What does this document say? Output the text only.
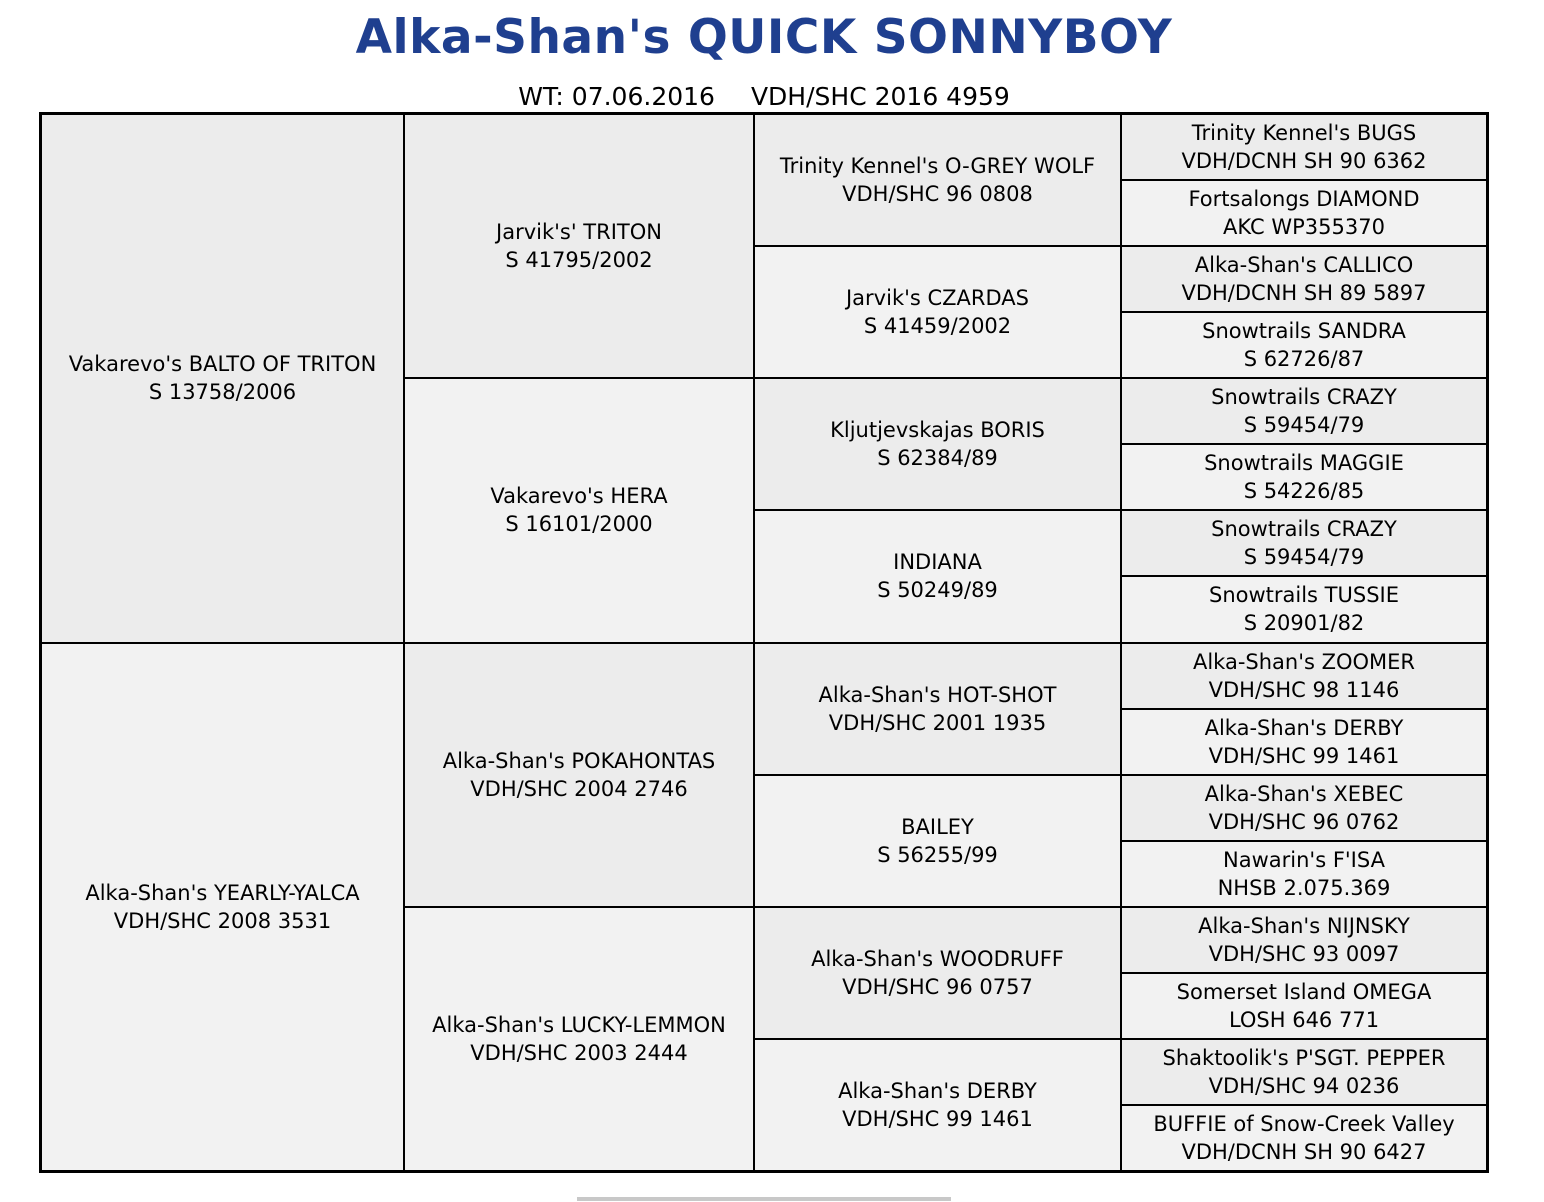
Alka-Shan's QUICK SONNYBOY
WT: 07.06.2016 VDH/SHC 2016 4959
Vakarevo's BALTO OF TRITON
S 13758/2006
Alka-Shan's YEARLY-YALCA
VDH/SHC 2008 3531
Jarvik's' TRITON
S 41795/2002
Vakarevo's HERA
S 16101/2000
Alka-Shan's POKAHONTAS
VDH/SHC 2004 2746
Alka-Shan's LUCKY-LEMMON
VDH/SHC 2003 2444
Trinity Kennel's O-GREY WOLF
VDH/SHC 96 0808
Jarvik's CZARDAS
S 41459/2002
Kljutjevskajas BORIS
S 62384/89
INDIANA
S 50249/89
Alka-Shan's HOT-SHOT
VDH/SHC 2001 1935
BAILEY
S 56255/99
Alka-Shan's WOODRUFF
VDH/SHC 96 0757
Alka-Shan's DERBY
VDH/SHC 99 1461
Trinity Kennel's BUGS
VDH/DCNH SH 90 6362
Fortsalongs DIAMOND
AKC WP355370
Alka-Shan's CALLICO
VDH/DCNH SH 89 5897
Snowtrails SANDRA
S 62726/87
Snowtrails CRAZY
S 59454/79
Snowtrails MAGGIE
S 54226/85
Snowtrails CRAZY
S 59454/79
Snowtrails TUSSIE
S 20901/82
Alka-Shan's ZOOMER
VDH/SHC 98 1146
Alka-Shan's DERBY
VDH/SHC 99 1461
Alka-Shan's XEBEC
VDH/SHC 96 0762
Nawarin's F'ISA
NHSB 2.075.369
Alka-Shan's NIJNSKY
VDH/SHC 93 0097
Somerset Island OMEGA
LOSH 646 771
Shaktoolik's P'SGT. PEPPER
VDH/SHC 94 0236
BUFFIE of Snow-Creek Valley
VDH/DCNH SH 90 6427
